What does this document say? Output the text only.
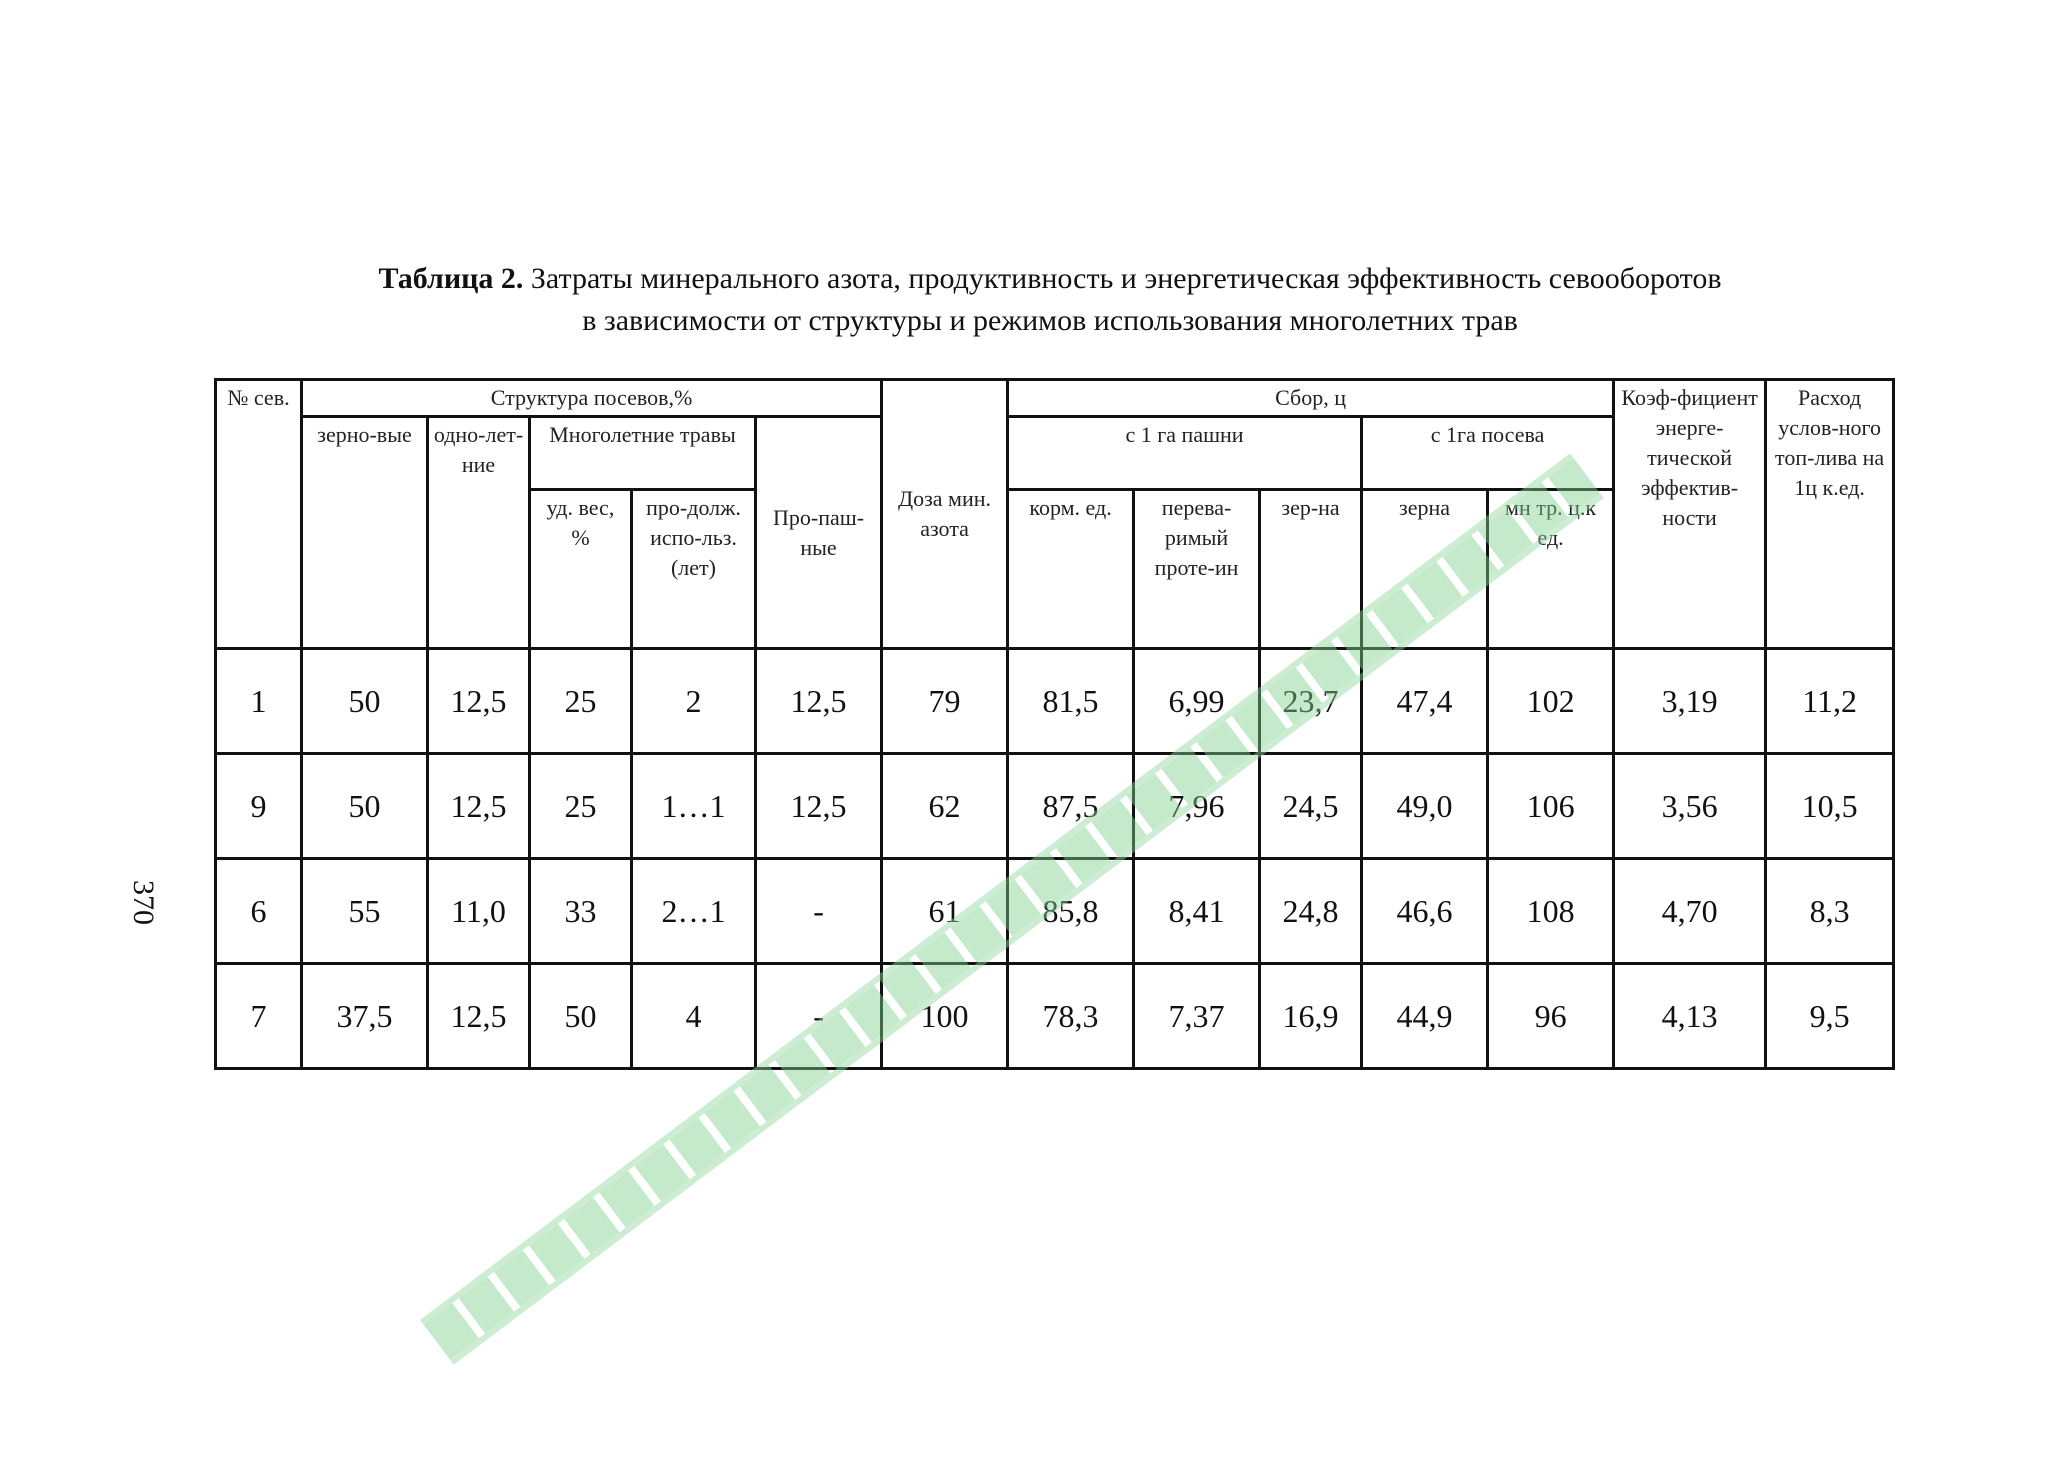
Таблица 2. Затраты минерального азота, продуктивность и энергетическая эффективность севооборотов
в зависимости от структуры и режимов использования многолетних трав
370
№ сев.	Структура посевов,%					Доза мин. азота	Сбор, ц					Коэф-фициент энерге-тической эффектив-ности	Расход услов-ного топ-лива на 1ц к.ед.
	зерно-вые	одно-лет-ние	Многолетние травы		Про-паш-ные		с 1 га пашни			с 1га посева			
			уд. вес, %	про-долж. испо-льз. (лет)			корм. ед.	перева-римый проте-ин	зер-на	зерна	мн тр. ц.к ед.		
1	50	12,5	25	2	12,5	79	81,5	6,99	23,7	47,4	102	3,19	11,2
9	50	12,5	25	1…1	12,5	62	87,5	7,96	24,5	49,0	106	3,56	10,5
6	55	11,0	33	2…1	-	61	85,8	8,41	24,8	46,6	108	4,70	8,3
7	37,5	12,5	50	4	-	100	78,3	7,37	16,9	44,9	96	4,13	9,5
